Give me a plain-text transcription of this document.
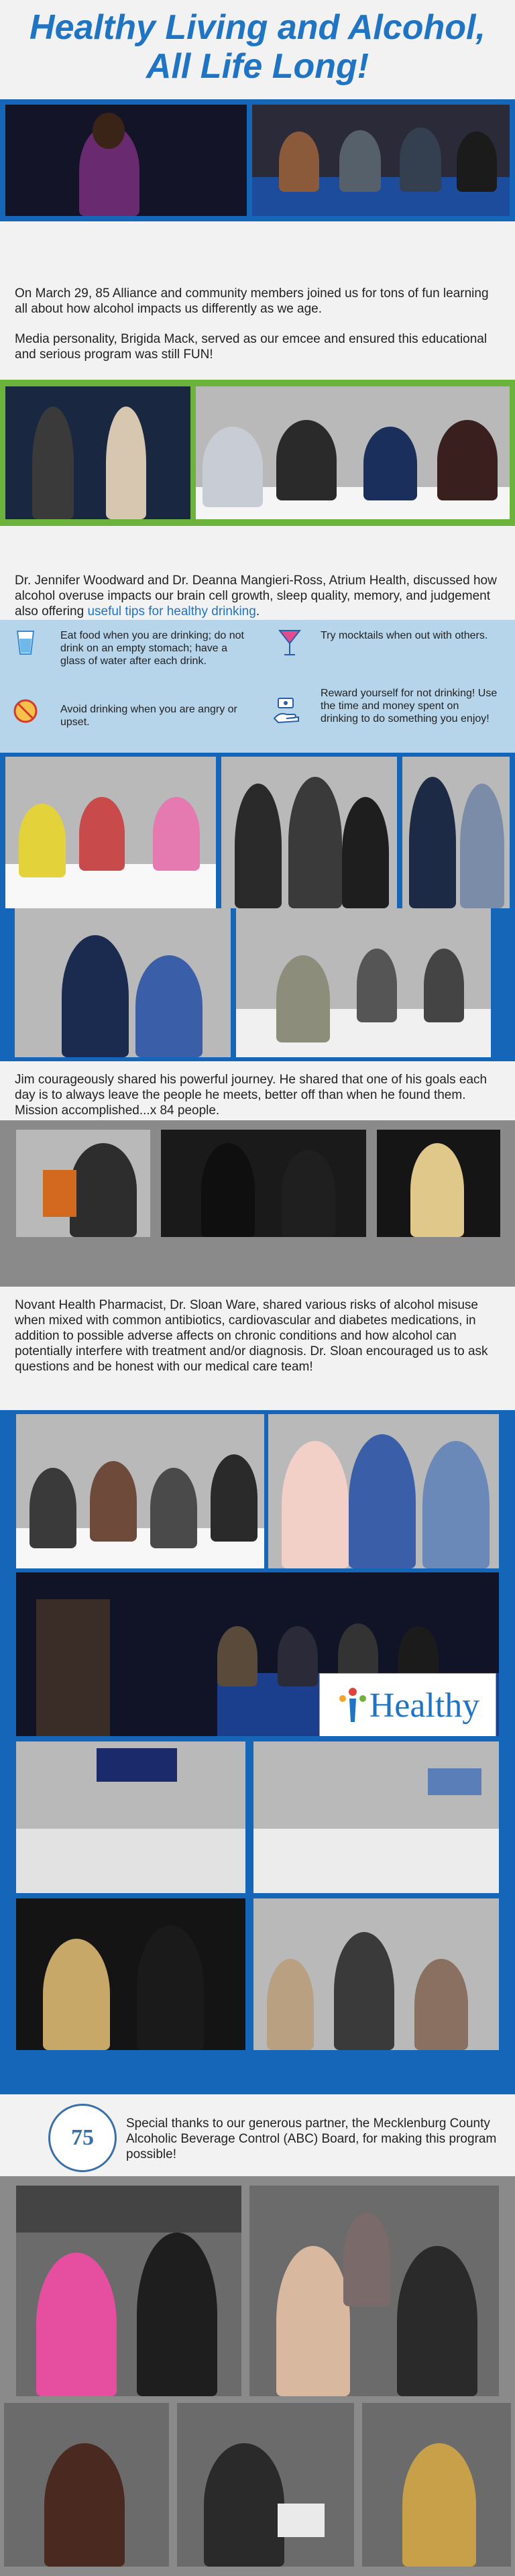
Healthy Living and Alcohol,
All Life Long!

On March 29, 85 Alliance and community members joined us for tons of fun learning all about how alcohol impacts us differently as we age.

Media personality, Brigida Mack, served as our emcee and ensured this educational and serious program was still FUN!

Dr. Jennifer Woodward and Dr. Deanna Mangieri-Ross, Atrium Health, discussed how alcohol overuse impacts our brain cell growth, sleep quality, memory, and judgement also offering useful tips for healthy drinking.

Eat food when you are drinking; do not drink on an empty stomach; have a glass of water after each drink.
Avoid drinking when you are angry or upset.
Try mocktails when out with others.
Reward yourself for not drinking! Use the time and money spent on drinking to do something you enjoy!

Jim courageously shared his powerful journey. He shared that one of his goals each day is to always leave the people he meets, better off than when he found them. Mission accomplished...x 84 people.

Novant Health Pharmacist, Dr. Sloan Ware, shared various risks of alcohol misuse when mixed with common antibiotics, cardiovascular and diabetes medications, in addition to possible adverse affects on chronic conditions and how alcohol can potentially interfere with treatment and/or diagnosis. Dr. Sloan encouraged us to ask questions and be honest with our medical care team!

Healthy
75
Special thanks to our generous partner, the Mecklenburg County Alcoholic Beverage Control (ABC) Board, for making this program possible!
